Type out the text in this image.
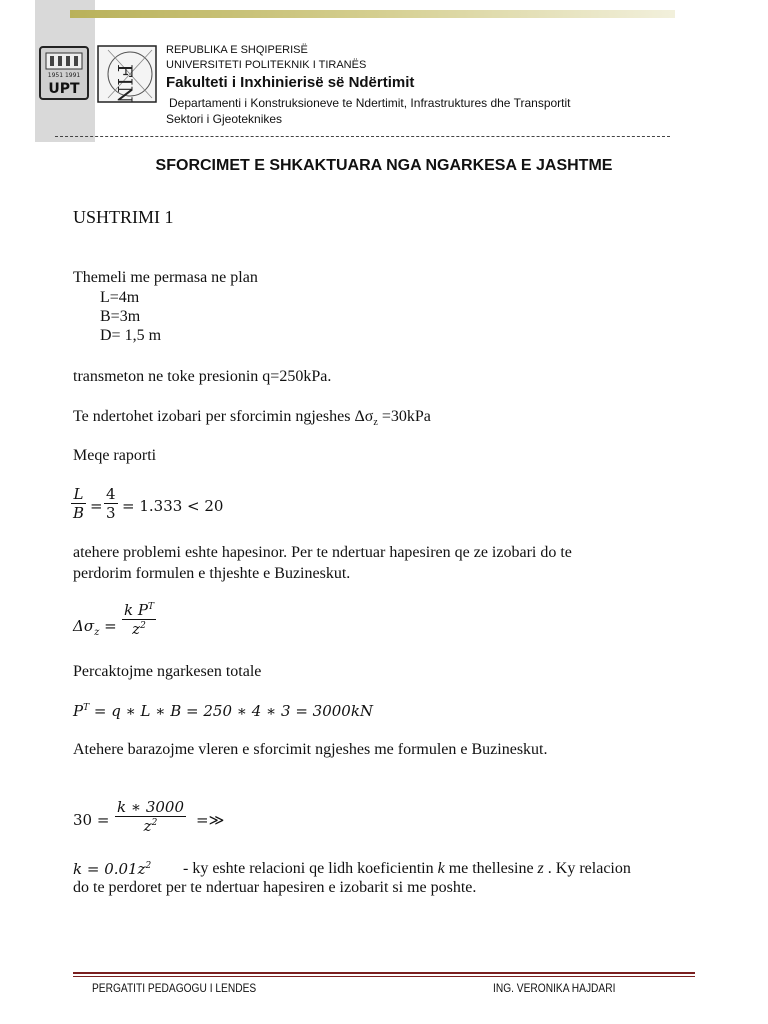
1951 1991
UPT FIN
REPUBLIKA E SHQIPERISË
UNIVERSITETI POLITEKNIK I TIRANËS
Fakulteti i Inxhinierisë së Ndërtimit
Departamenti i Konstruksioneve te Ndertimit, Infrastruktures dhe Transportit
Sektori i Gjeoteknikes
SFORCIMET E SHKAKTUARA NGA NGARKESA E JASHTME
USHTRIMI 1
Themeli me permasa ne plan
L=4m
B=3m
D= 1,5 m
transmeton ne toke presionin q=250kPa.
Te ndertohet izobari per sforcimin ngjeshes $\Delta\sigma_z =30kPa$
Meqe raporti
L
B =
4
3 = 1.333 < 20
atehere problemi eshte hapesinor. Per te ndertuar hapesiren qe ze izobari do te
perdorim formulen e thjeshte e Buzineskut.
$\Delta\sigma_z$ =
k $P^T$
$z^2$
Percaktojme ngarkesen totale
$P^T = q$ ∗ L ∗ B = 250 ∗ 4 ∗ 3 = 3000kN
Atehere barazojme vleren e sforcimit ngjeshes me formulen e Buzineskut.
30 =
k ∗ 3000
$z^2$	=≫
$k = 0.01z^2$ - ky eshte relacioni qe lidh koeficientin k me thellesine z . Ky relacion
do te perdoret per te ndertuar hapesiren e izobarit si me poshte.
PERGATITI PEDAGOGU I LENDES	ING. VERONIKA HAJDARI
